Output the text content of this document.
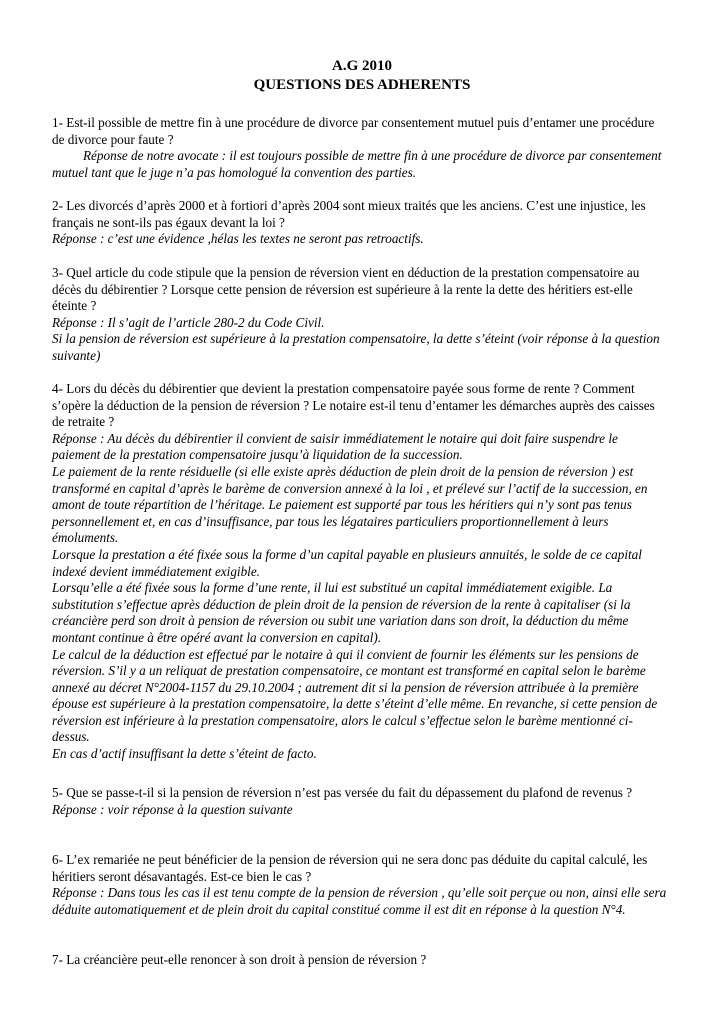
A.G 2010
QUESTIONS DES ADHERENTS

1- Est-il possible de mettre fin à une procédure de divorce par consentement mutuel puis d’entamer une procédure de divorce pour faute ?

Réponse de notre avocate : il est toujours possible de mettre fin à une procédure de divorce par consentement mutuel tant que le juge n’a pas homologué la convention des parties.

2- Les divorcés d’après 2000 et à fortiori d’après 2004 sont mieux traités que les anciens. C’est une injustice, les français ne sont-ils pas égaux devant la loi ?

Réponse : c’est une évidence ,hélas les textes ne seront pas retroactifs.

3- Quel article du code stipule que la pension de réversion vient en déduction de la prestation compensatoire au décès du débirentier ? Lorsque cette pension de réversion est supérieure à la rente la dette des héritiers est-elle éteinte ?

Réponse : Il s’agit de l’article 280-2 du Code Civil.

Si la pension de réversion est supérieure à la prestation compensatoire, la dette s’éteint (voir réponse à la question suivante)

4- Lors du décès du débirentier que devient la prestation compensatoire payée sous forme de rente ? Comment s’opère la déduction de la pension de réversion ? Le notaire est-il tenu d’entamer les démarches auprès des caisses de retraite ?

Réponse : Au décès du débirentier il convient de saisir immédiatement le notaire qui doit faire suspendre le paiement de la prestation compensatoire jusqu’à liquidation de la succession.

Le paiement de la rente résiduelle (si elle existe après déduction de plein droit de la pension de réversion ) est transformé en capital d’après le barème de conversion annexé à la loi , et prélevé sur l’actif de la succession, en amont de toute répartition de l’héritage. Le paiement est supporté par tous les héritiers qui n’y sont pas tenus personnellement et, en cas d’insuffisance, par tous les légataires particuliers proportionnellement à leurs émoluments.

Lorsque la prestation a été fixée sous la forme d’un capital payable en plusieurs annuités, le solde de ce capital indexé devient immédiatement exigible.

Lorsqu’elle a été fixée sous la forme d’une rente, il lui est substitué un capital immédiatement exigible. La substitution s’effectue après déduction de plein droit de la pension de réversion de la rente à capitaliser (si la créancière perd son droit à pension de réversion ou subit une variation dans son droit, la déduction du même montant continue à être opéré avant la conversion en capital).

Le calcul de la déduction est effectué par le notaire à qui il convient de fournir les éléments sur les pensions de réversion. S’il y a un reliquat de prestation compensatoire, ce montant est transformé en capital selon le barème annexé au décret N°2004-1157 du 29.10.2004 ; autrement dit si la pension de réversion attribuée à la première épouse est supérieure à la prestation compensatoire, la dette s’éteint d’elle même. En revanche, si cette pension de réversion est inférieure à la prestation compensatoire, alors le calcul s’effectue selon le barème mentionné ci-dessus.

En cas d’actif insuffisant la dette s’éteint de facto.

5- Que se passe-t-il si la pension de réversion n’est pas versée du fait du dépassement du plafond de revenus ?

Réponse : voir réponse à la question suivante

6- L’ex remariée ne peut bénéficier de la pension de réversion qui ne sera donc pas déduite du capital calculé, les héritiers seront désavantagés. Est-ce bien le cas ?

Réponse : Dans tous les cas il est tenu compte de la pension de réversion , qu’elle soit perçue ou non, ainsi elle sera déduite automatiquement et de plein droit du capital constitué comme il est dit en réponse à la question N°4.

7- La créancière peut-elle renoncer à son droit à pension de réversion ?
